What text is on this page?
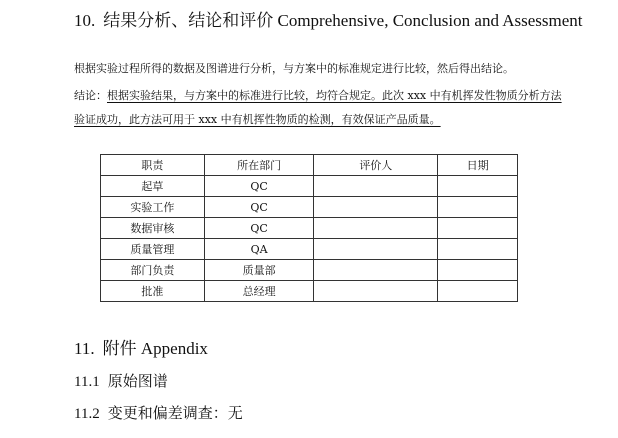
10. 结果分析、结论和评价 Comprehensive, Conclusion and Assessment
根据实验过程所得的数据及图谱进行分析，与方案中的标准规定进行比较，然后得出结论。
结论：根据实验结果，与方案中的标准进行比较，均符合规定。此次 xxx 中有机挥发性物质分析方法验证成功，此方法可用于 xxx 中有机挥性物质的检测，有效保证产品质量。
职责	所在部门	评价人	日期
起草	QC		
实验工作	QC		
数据审核	QC		
质量管理	QA		
部门负责	质量部		
批准	总经理		
11. 附件 Appendix
11.1 原始图谱
11.2 变更和偏差调查：无
